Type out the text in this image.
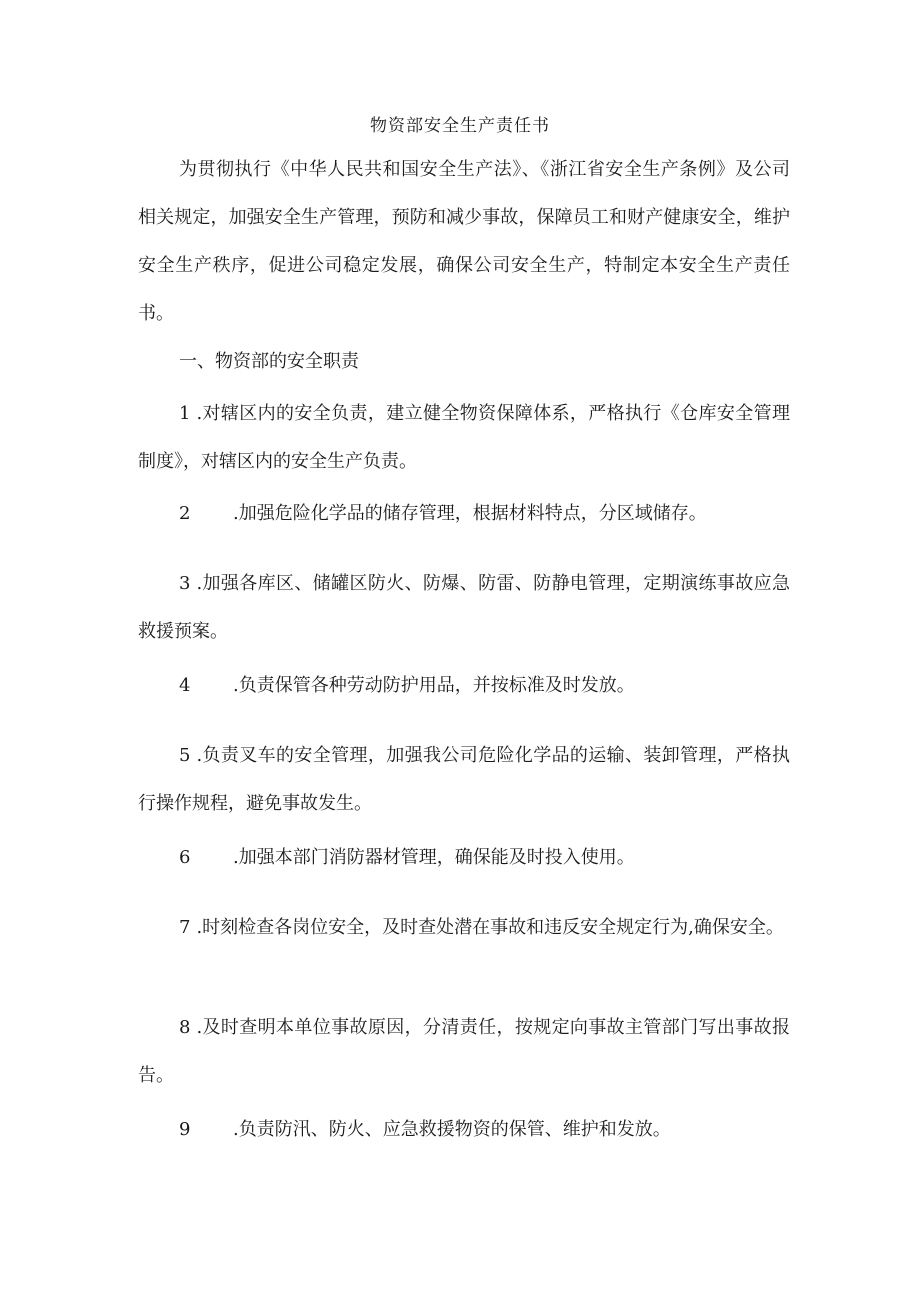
物资部安全生产责任书
为贯彻执行《中华人民共和国安全生产法》、《浙江省安全生产条例》及公司相关规定，加强安全生产管理，预防和减少事故，保障员工和财产健康安全，维护安全生产秩序，促进公司稳定发展，确保公司安全生产，特制定本安全生产责任书。
一、物资部的安全职责
1 .对辖区内的安全负责，建立健全物资保障体系，严格执行《仓库安全管理制度》，对辖区内的安全生产负责。
2 .加强危险化学品的储存管理，根据材料特点，分区域储存。
3 .加强各库区、储罐区防火、防爆、防雷、防静电管理，定期演练事故应急救援预案。
4 .负责保管各种劳动防护用品，并按标准及时发放。
5 .负责叉车的安全管理，加强我公司危险化学品的运输、装卸管理，严格执行操作规程，避免事故发生。
6 .加强本部门消防器材管理，确保能及时投入使用。
7 .时刻检查各岗位安全，及时查处潜在事故和违反安全规定行为,确保安全。
8 .及时查明本单位事故原因，分清责任，按规定向事故主管部门写出事故报告。
9 .负责防汛、防火、应急救援物资的保管、维护和发放。
